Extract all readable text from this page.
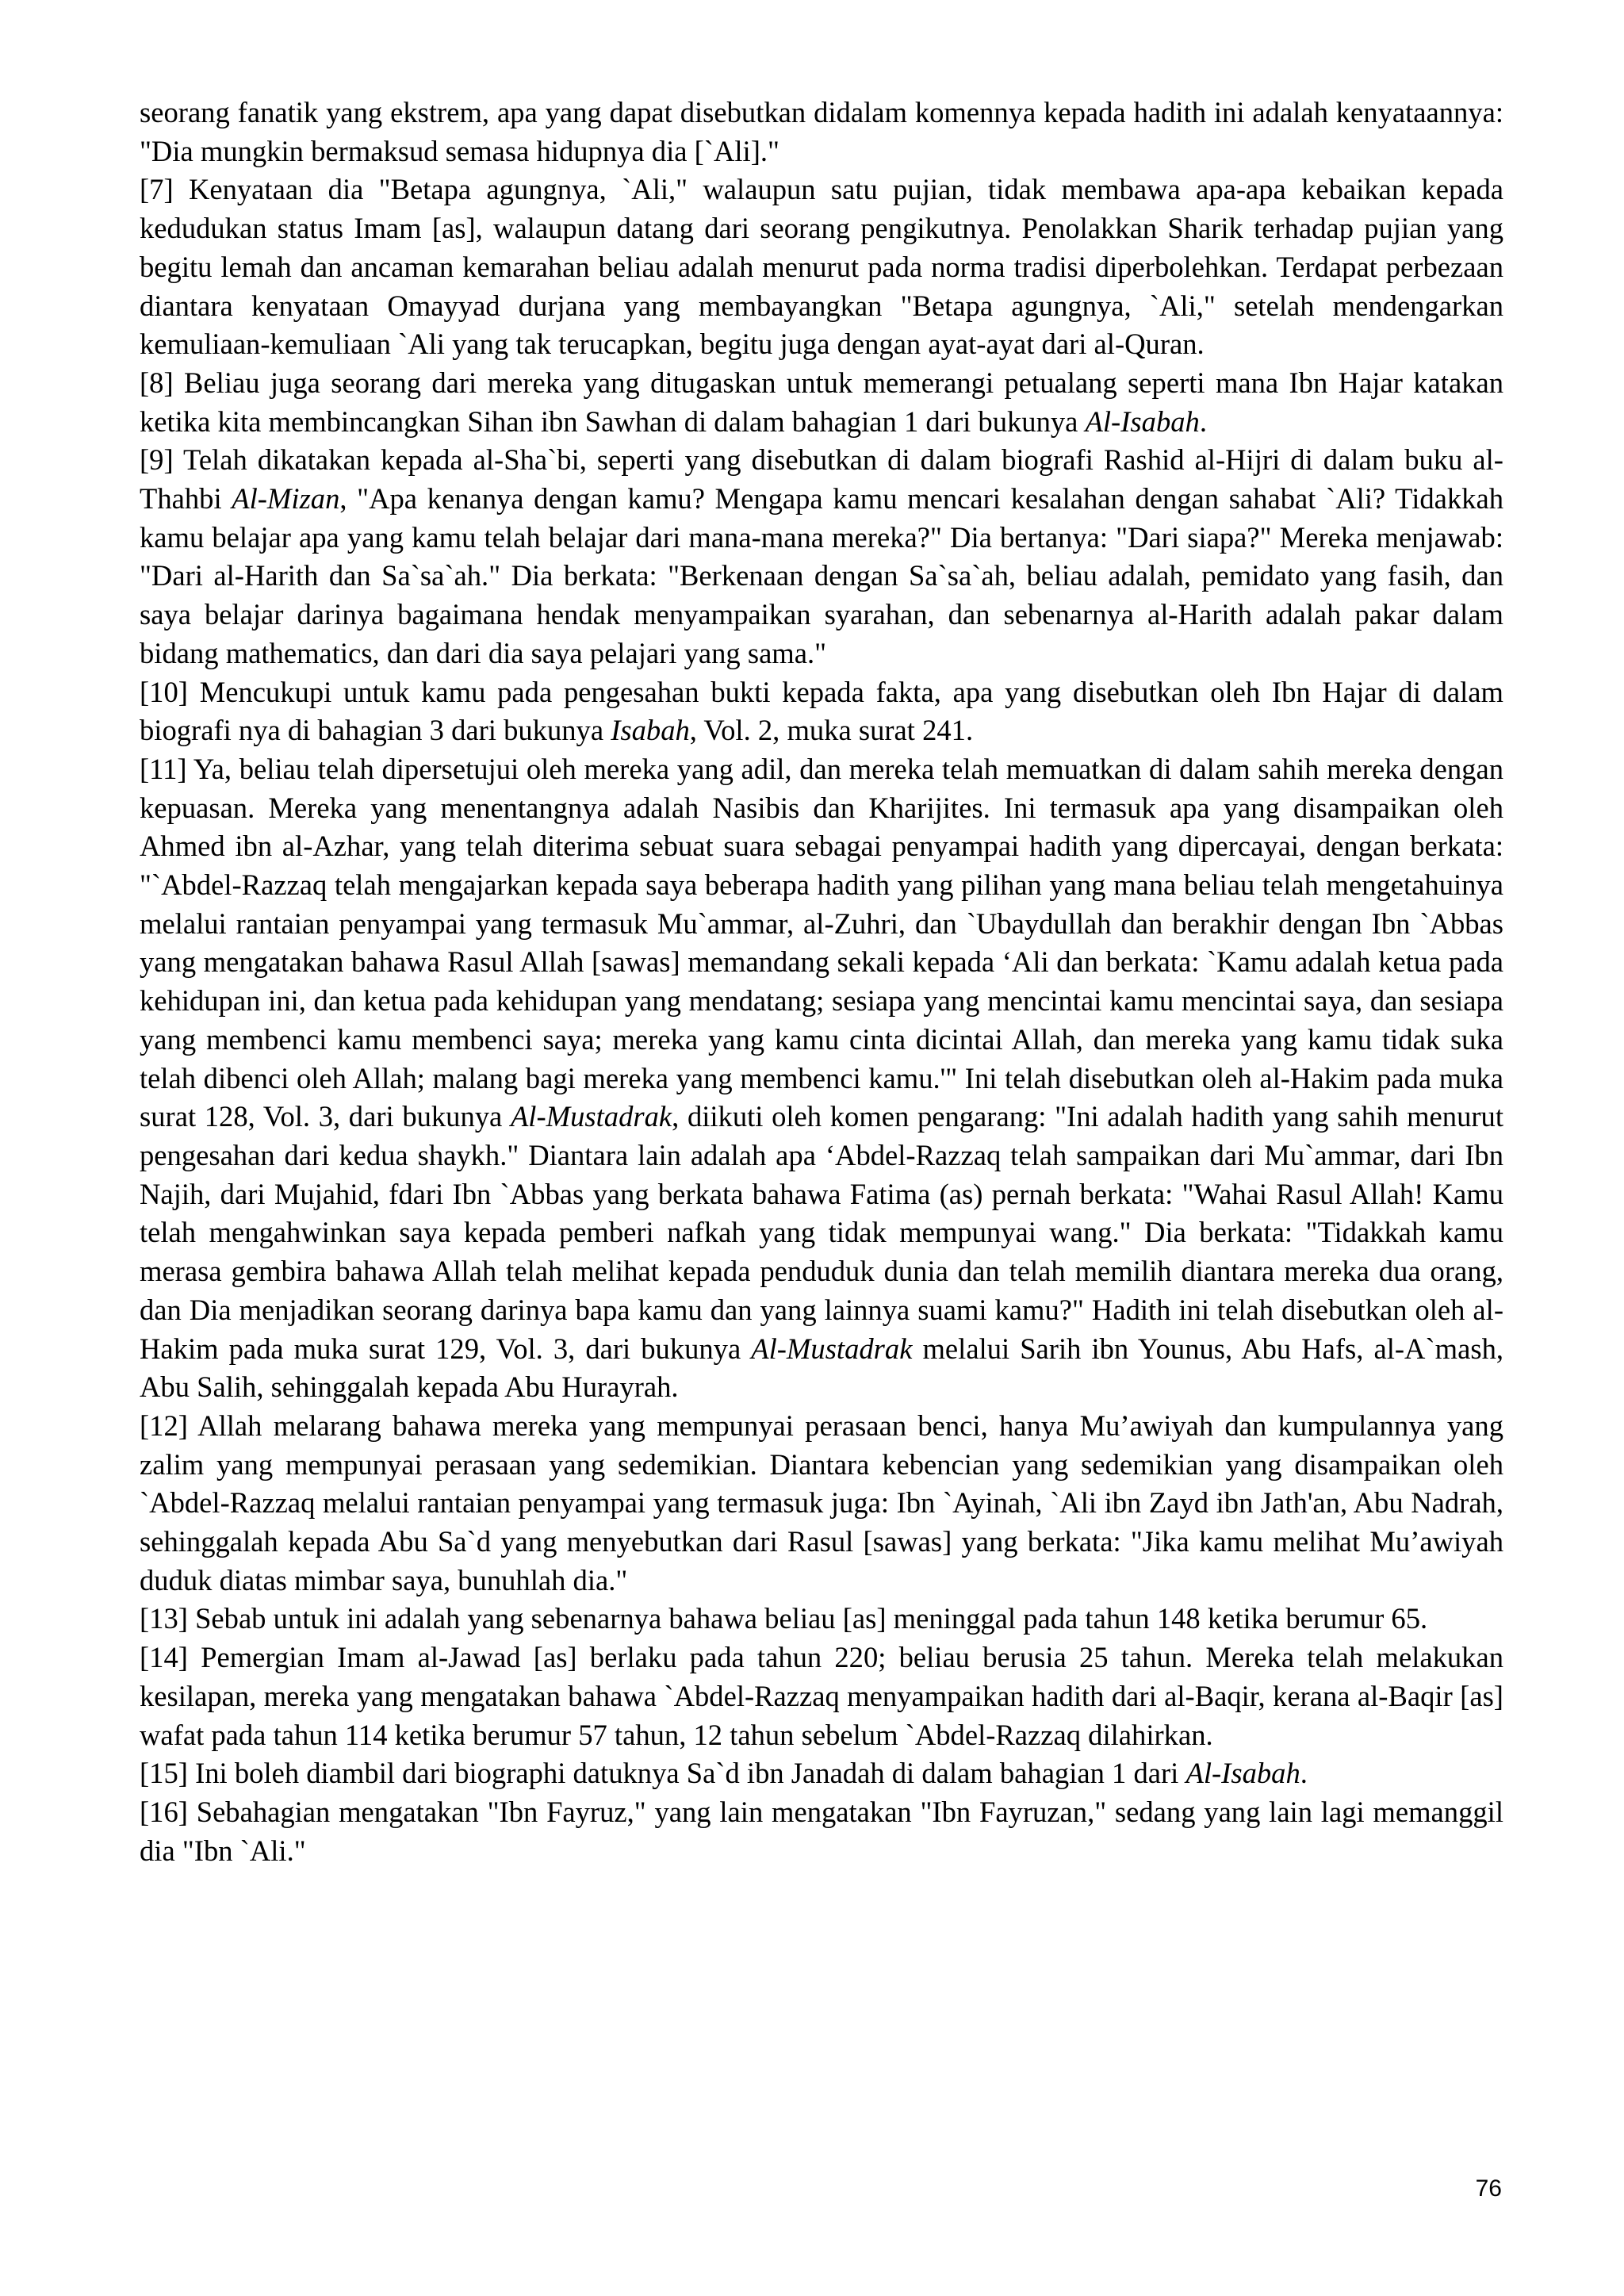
seorang fanatik yang ekstrem, apa yang dapat disebutkan didalam komennya kepada hadith ini adalah kenyataannya: "Dia mungkin bermaksud semasa hidupnya dia [`Ali]."

[7] Kenyataan dia "Betapa agungnya, `Ali," walaupun satu pujian, tidak membawa apa-apa kebaikan kepada kedudukan status Imam [as], walaupun datang dari seorang pengikutnya. Penolakkan Sharik terhadap pujian yang begitu lemah dan ancaman kemarahan beliau adalah menurut pada norma tradisi diperbolehkan. Terdapat perbezaan diantara kenyataan Omayyad durjana yang membayangkan "Betapa agungnya, `Ali," setelah mendengarkan kemuliaan-kemuliaan `Ali yang tak terucapkan, begitu juga dengan ayat-ayat dari al-Quran.

[8] Beliau juga seorang dari mereka yang ditugaskan untuk memerangi petualang seperti mana Ibn Hajar katakan ketika kita membincangkan Sihan ibn Sawhan di dalam bahagian 1 dari bukunya Al-Isabah.

[9] Telah dikatakan kepada al-Sha`bi, seperti yang disebutkan di dalam biografi Rashid al-Hijri di dalam buku al-Thahbi Al-Mizan, "Apa kenanya dengan kamu? Mengapa kamu mencari kesalahan dengan sahabat `Ali? Tidakkah kamu belajar apa yang kamu telah belajar dari mana-mana mereka?" Dia bertanya: "Dari siapa?" Mereka menjawab: "Dari al-Harith dan Sa`sa`ah." Dia berkata: "Berkenaan dengan Sa`sa`ah, beliau adalah, pemidato yang fasih, dan saya belajar darinya bagaimana hendak menyampaikan syarahan, dan sebenarnya al-Harith adalah pakar dalam bidang mathematics, dan dari dia saya pelajari yang sama."

[10] Mencukupi untuk kamu pada pengesahan bukti kepada fakta, apa yang disebutkan oleh Ibn Hajar di dalam biografi nya di bahagian 3 dari bukunya Isabah, Vol. 2, muka surat 241.

[11] Ya, beliau telah dipersetujui oleh mereka yang adil, dan mereka telah memuatkan di dalam sahih mereka dengan kepuasan. Mereka yang menentangnya adalah Nasibis dan Kharijites. Ini termasuk apa yang disampaikan oleh Ahmed ibn al-Azhar, yang telah diterima sebuat suara sebagai penyampai hadith yang dipercayai, dengan berkata: "`Abdel-Razzaq telah mengajarkan kepada saya beberapa hadith yang pilihan yang mana beliau telah mengetahuinya melalui rantaian penyampai yang termasuk Mu`ammar, al-Zuhri, dan `Ubaydullah dan berakhir dengan Ibn `Abbas yang mengatakan bahawa Rasul Allah [sawas] memandang sekali kepada ‘Ali dan berkata: `Kamu adalah ketua pada kehidupan ini, dan ketua pada kehidupan yang mendatang; sesiapa yang mencintai kamu mencintai saya, dan sesiapa yang membenci kamu membenci saya; mereka yang kamu cinta dicintai Allah, dan mereka yang kamu tidak suka telah dibenci oleh Allah; malang bagi mereka yang membenci kamu.'" Ini telah disebutkan oleh al-Hakim pada muka surat 128, Vol. 3, dari bukunya Al-Mustadrak, diikuti oleh komen pengarang: "Ini adalah hadith yang sahih menurut pengesahan dari kedua shaykh." Diantara lain adalah apa ‘Abdel-Razzaq telah sampaikan dari Mu`ammar, dari Ibn Najih, dari Mujahid, fdari Ibn `Abbas yang berkata bahawa Fatima (as) pernah berkata: "Wahai Rasul Allah! Kamu telah mengahwinkan saya kepada pemberi nafkah yang tidak mempunyai wang." Dia berkata: "Tidakkah kamu merasa gembira bahawa Allah telah melihat kepada penduduk dunia dan telah memilih diantara mereka dua orang, dan Dia menjadikan seorang darinya bapa kamu dan yang lainnya suami kamu?" Hadith ini telah disebutkan oleh al-Hakim pada muka surat 129, Vol. 3, dari bukunya Al-Mustadrak melalui Sarih ibn Younus, Abu Hafs, al-A`mash, Abu Salih, sehinggalah kepada Abu Hurayrah.

[12] Allah melarang bahawa mereka yang mempunyai perasaan benci, hanya Mu’awiyah dan kumpulannya yang zalim yang mempunyai perasaan yang sedemikian. Diantara kebencian yang sedemikian yang disampaikan oleh `Abdel-Razzaq melalui rantaian penyampai yang termasuk juga: Ibn `Ayinah, `Ali ibn Zayd ibn Jath'an, Abu Nadrah, sehinggalah kepada Abu Sa`d yang menyebutkan dari Rasul [sawas] yang berkata: "Jika kamu melihat Mu’awiyah duduk diatas mimbar saya, bunuhlah dia."

[13] Sebab untuk ini adalah yang sebenarnya bahawa beliau [as] meninggal pada tahun 148 ketika berumur 65.

[14] Pemergian Imam al-Jawad [as] berlaku pada tahun 220; beliau berusia 25 tahun. Mereka telah melakukan kesilapan, mereka yang mengatakan bahawa `Abdel-Razzaq menyampaikan hadith dari al-Baqir, kerana al-Baqir [as] wafat pada tahun 114 ketika berumur 57 tahun, 12 tahun sebelum `Abdel-Razzaq dilahirkan.

[15] Ini boleh diambil dari biographi datuknya Sa`d ibn Janadah di dalam bahagian 1 dari Al-Isabah.

[16] Sebahagian mengatakan "Ibn Fayruz," yang lain mengatakan "Ibn Fayruzan," sedang yang lain lagi memanggil dia "Ibn `Ali."

76
